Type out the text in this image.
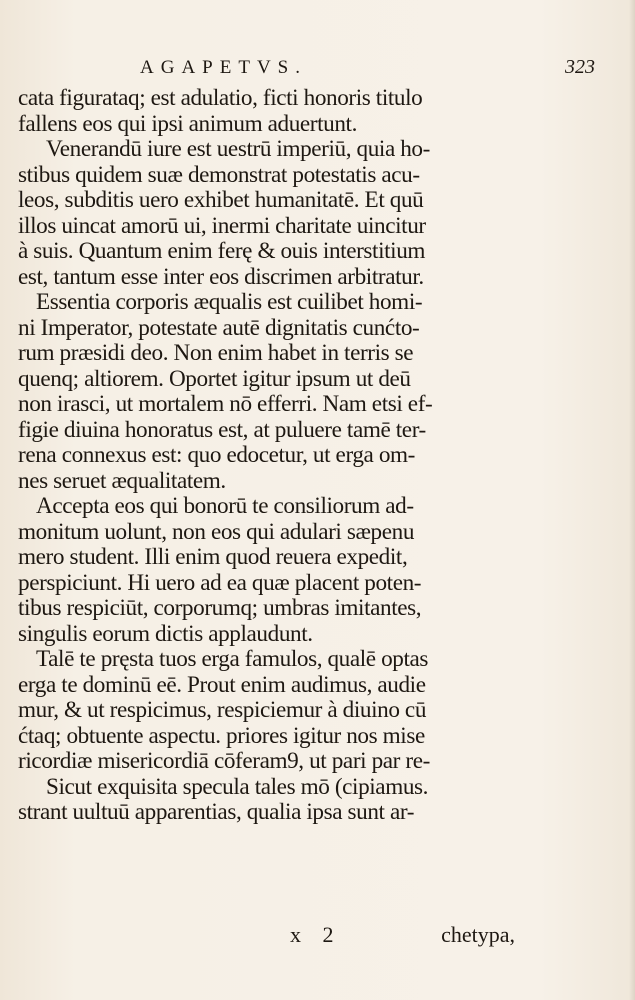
AGAPETVS.	323
cata figurataq; est adulatio, ficti honoris titulo
fallens eos qui ipsi animum aduertunt.
Venerandū iure est uestrū imperiū, quia ho-
stibus quidem suæ demonstrat potestatis acu-
leos, subditis uero exhibet humanitatē. Et quū
illos uincat amorū ui, inermi charitate uincitur
à suis. Quantum enim ferę & ouis interstitium
est, tantum esse inter eos discrimen arbitratur.
Essentia corporis æqualis est cuilibet homi-
ni Imperator, potestate autē dignitatis cunćto-
rum præsidi deo. Non enim habet in terris se
quenq; altiorem. Oportet igitur ipsum ut deū
non irasci, ut mortalem nō efferri. Nam etsi ef-
figie diuina honoratus est, at puluere tamē ter-
rena connexus est: quo edocetur, ut erga om-
nes seruet æqualitatem.
Accepta eos qui bonorū te consiliorum ad-
monitum uolunt, non eos qui adulari sæpenu
mero student. Illi enim quod reuera expedit,
perspiciunt. Hi uero ad ea quæ placent poten-
tibus respiciūt, corporumq; umbras imitantes,
singulis eorum dictis applaudunt.
Talē te pręsta tuos erga famulos, qualē optas
erga te dominū eē. Prout enim audimus, audie
mur, & ut respicimus, respiciemur à diuino cū
ćtaq; obtuente aspectu. priores igitur nos mise
ricordiæ misericordiā cōferam9, ut pari par re-
Sicut exquisita specula tales mō (cipiamus.
strant uultuū apparentias, qualia ipsa sunt ar-
x 2	chetypa,
